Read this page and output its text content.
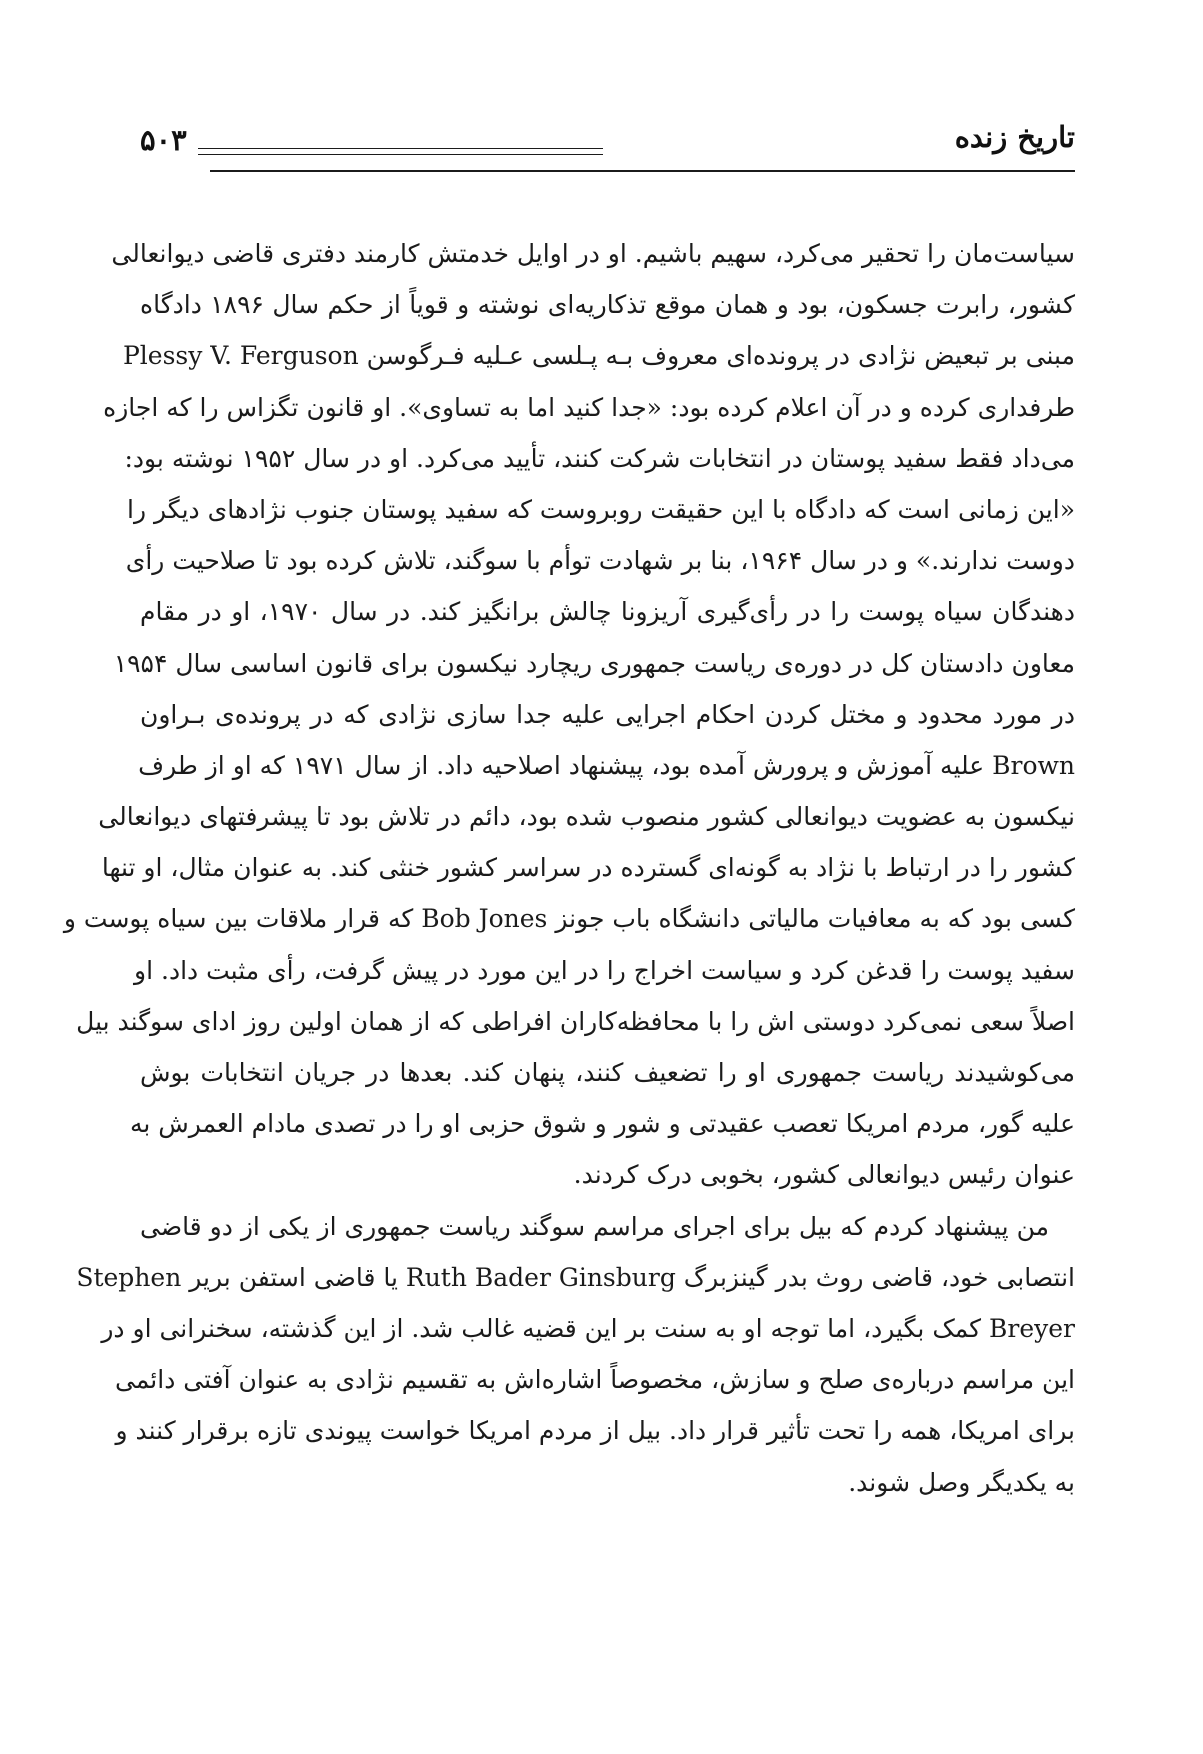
تاریخ زنده
۵۰۳
سیاست‌مان را تحقیر می‌کرد، سهیم باشیم. او در اوایل خدمتش کارمند دفتری قاضی دیوانعالی
کشور، رابرت جسکون، بود و همان موقع تذکاریه‌ای نوشته و قویاً از حکم سال ۱۸۹۶ دادگاه
مبنی بر تبعیض نژادی در پرونده‌ای معروف بـه پـلسی عـلیه فـرگوسن Plessy V. Ferguson
طرفداری کرده و در آن اعلام کرده بود: «جدا کنید اما به تساوی». او قانون تگزاس را که اجازه
می‌داد فقط سفید پوستان در انتخابات شرکت کنند، تأیید می‌کرد. او در سال ۱۹۵۲ نوشته بود:
«این زمانی است که دادگاه با این حقیقت روبروست که سفید پوستان جنوب نژادهای دیگر را
دوست ندارند.» و در سال ۱۹۶۴، بنا بر شهادت توأم با سوگند، تلاش کرده بود تا صلاحیت رأی
دهندگان سیاه پوست را در رأی‌گیری آریزونا چالش برانگیز کند. در سال ۱۹۷۰، او در مقام
معاون دادستان کل در دوره‌ی ریاست جمهوری ریچارد نیکسون برای قانون اساسی سال ۱۹۵۴
در مورد محدود و مختل کردن احکام اجرایی علیه جدا سازی نژادی که در پرونده‌ی بـراون
Brown علیه آموزش و پرورش آمده بود، پیشنهاد اصلاحیه داد. از سال ۱۹۷۱ که او از طرف
نیکسون به عضویت دیوانعالی کشور منصوب شده بود، دائم در تلاش بود تا پیشرفتهای دیوانعالی
کشور را در ارتباط با نژاد به گونه‌ای گسترده در سراسر کشور خنثی کند. به عنوان مثال، او تنها
کسی بود که به معافیات مالیاتی دانشگاه باب جونز Bob Jones که قرار ملاقات بین سیاه پوست و
سفید پوست را قدغن کرد و سیاست اخراج را در این مورد در پیش گرفت، رأی مثبت داد. او
اصلاً سعی نمی‌کرد دوستی اش را با محافظه‌کاران افراطی که از همان اولین روز ادای سوگند بیل
می‌کوشیدند ریاست جمهوری او را تضعیف کنند، پنهان کند. بعدها در جریان انتخابات بوش
علیه گور، مردم امریکا تعصب عقیدتی و شور و شوق حزبی او را در تصدی مادام العمرش به
عنوان رئیس دیوانعالی کشور، بخوبی درک کردند.
من پیشنهاد کردم که بیل برای اجرای مراسم سوگند ریاست جمهوری از یکی از دو قاضی
انتصابی خود، قاضی روث بدر گینزبرگ Ruth Bader Ginsburg یا قاضی استفن بریر Stephen
Breyer کمک بگیرد، اما توجه او به سنت بر این قضیه غالب شد. از این گذشته، سخنرانی او در
این مراسم درباره‌ی صلح و سازش، مخصوصاً اشاره‌اش به تقسیم نژادی به عنوان آفتی دائمی
برای امریکا، همه را تحت تأثیر قرار داد. بیل از مردم امریکا خواست پیوندی تازه برقرار کنند و
به یکدیگر وصل شوند.
